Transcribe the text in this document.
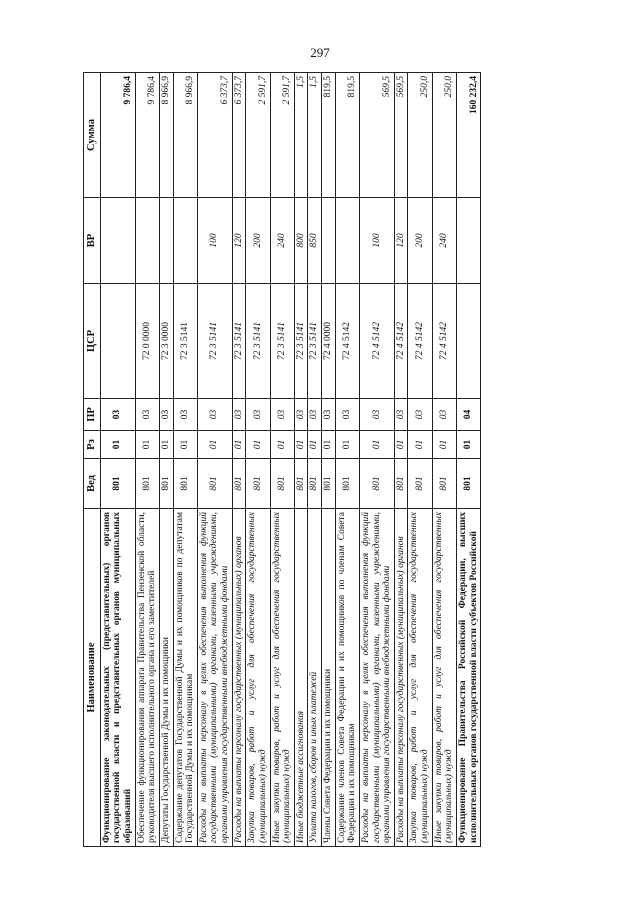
297
Наименование	Вед	Рз	ПР	ЦСР	ВР	Сумма
Функционирование законодательных (представительных) органов государственной власти и представительных органов муниципальных образований	801	01	03			9 786,4
Обеспечение функционирования аппарата Правительства Пензенской области, руководителя высшего исполнительного органа и его заместителей	801	01	03	72 0 0000		9 786,4
Депутаты Государственной Думы и их помощники	801	01	03	72 3 0000		8 966,9
Содержание депутатов Государственной Думы и их помощников по депутатам Государственной Думы и их помощникам	801	01	03	72 3 5141		8 966,9
Расходы на выплаты персоналу в целях обеспечения выполнения функций государственными (муниципальными) органами, казенными учреждениями, органами управления государственными внебюджетными фондами	801	01	03	72 3 5141	100	6 373,7
Расходы на выплаты персоналу государственных (муниципальных) органов	801	01	03	72 3 5141	120	6 373,7
Закупка товаров, работ и услуг для обеспечения государственных (муниципальных) нужд	801	01	03	72 3 5141	200	2 591,7
Иные закупки товаров, работ и услуг для обеспечения государственных (муниципальных) нужд	801	01	03	72 3 5141	240	2 591,7
Иные бюджетные ассигнования	801	01	03	72 3 5141	800	1,5
Уплата налогов, сборов и иных платежей	801	01	03	72 3 5141	850	1,5
Члены Совета Федерации и их помощники	801	01	03	72 4 0000		819,5
Содержание членов Совета Федерации и их помощников по членам Совета Федерации и их помощникам	801	01	03	72 4 5142		819,5
Расходы на выплаты персоналу в целях обеспечения выполнения функций государственными (муниципальными) органами, казенными учреждениями, органами управления государственными внебюджетными фондами	801	01	03	72 4 5142	100	569,5
Расходы на выплаты персоналу государственных (муниципальных) органов	801	01	03	72 4 5142	120	569,5
Закупка товаров, работ и услуг для обеспечения государственных (муниципальных) нужд	801	01	03	72 4 5142	200	250,0
Иные закупки товаров, работ и услуг для обеспечения государственных (муниципальных) нужд	801	01	03	72 4 5142	240	250,0
Функционирование Правительства Российской Федерации, высших исполнительных органов государственной власти субъектов Российской	801	01	04			160 232,4
